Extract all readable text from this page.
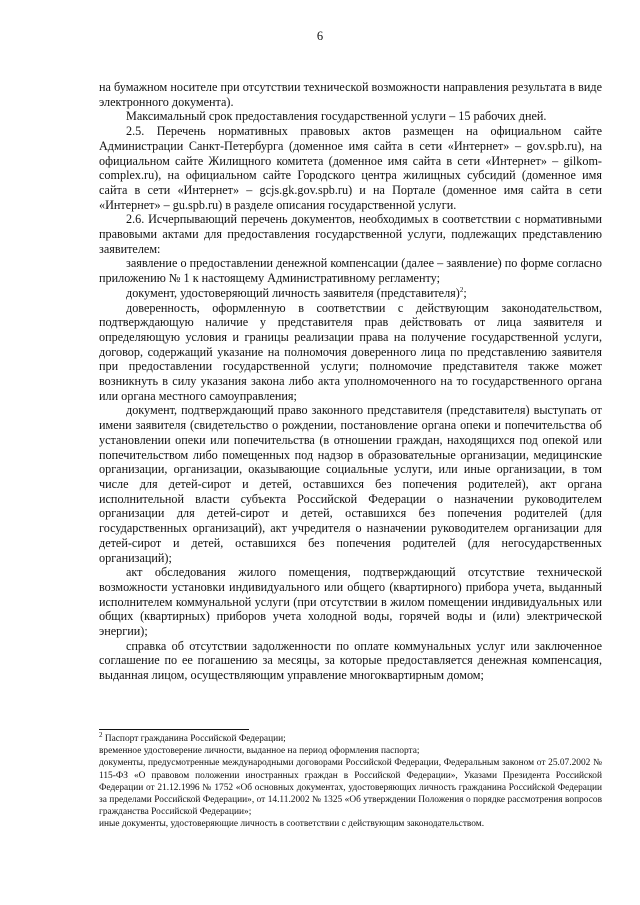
6

на бумажном носителе при отсутствии технической возможности направления результата в виде электронного документа).

Максимальный срок предоставления государственной услуги – 15 рабочих дней.

2.5. Перечень нормативных правовых актов размещен на официальном сайте Администрации Санкт-Петербурга (доменное имя сайта в сети «Интернет» – gov.spb.ru), на официальном сайте Жилищного комитета (доменное имя сайта в сети «Интернет» – gilkom-complex.ru), на официальном сайте Городского центра жилищных субсидий (доменное имя сайта в сети «Интернет» – gcjs.gk.gov.spb.ru) и на Портале (доменное имя сайта в сети «Интернет» – gu.spb.ru) в разделе описания государственной услуги.

2.6. Исчерпывающий перечень документов, необходимых в соответствии с нормативными правовыми актами для предоставления государственной услуги, подлежащих представлению заявителем:

заявление о предоставлении денежной компенсации (далее – заявление) по форме согласно приложению № 1 к настоящему Административному регламенту;

документ, удостоверяющий личность заявителя (представителя)$^2$;

доверенность, оформленную в соответствии с действующим законодательством, подтверждающую наличие у представителя прав действовать от лица заявителя и определяющую условия и границы реализации права на получение государственной услуги, договор, содержащий указание на полномочия доверенного лица по представлению заявителя при предоставлении государственной услуги; полномочие представителя также может возникнуть в силу указания закона либо акта уполномоченного на то государственного органа или органа местного самоуправления;

документ, подтверждающий право законного представителя (представителя) выступать от имени заявителя (свидетельство о рождении, постановление органа опеки и попечительства об установлении опеки или попечительства (в отношении граждан, находящихся под опекой или попечительством либо помещенных под надзор в образовательные организации, медицинские организации, организации, оказывающие социальные услуги, или иные организации, в том числе для детей-сирот и детей, оставшихся без попечения родителей), акт органа исполнительной власти субъекта Российской Федерации о назначении руководителем организации для детей-сирот и детей, оставшихся без попечения родителей (для государственных организаций), акт учредителя о назначении руководителем организации для детей-сирот и детей, оставшихся без попечения родителей (для негосударственных организаций);

акт обследования жилого помещения, подтверждающий отсутствие технической возможности установки индивидуального или общего (квартирного) прибора учета, выданный исполнителем коммунальной услуги (при отсутствии в жилом помещении индивидуальных или общих (квартирных) приборов учета холодной воды, горячей воды и (или) электрической энергии);

справка об отсутствии задолженности по оплате коммунальных услуг или заключенное соглашение по ее погашению за месяцы, за которые предоставляется денежная компенсация, выданная лицом, осуществляющим управление многоквартирным домом;

$^2$ Паспорт гражданина Российской Федерации;

временное удостоверение личности, выданное на период оформления паспорта;

документы, предусмотренные международными договорами Российской Федерации, Федеральным законом от 25.07.2002 № 115-ФЗ «О правовом положении иностранных граждан в Российской Федерации», Указами Президента Российской Федерации от 21.12.1996 № 1752 «Об основных документах, удостоверяющих личность гражданина Российской Федерации за пределами Российской Федерации», от 14.11.2002 № 1325 «Об утверждении Положения о порядке рассмотрения вопросов гражданства Российской Федерации»;

иные документы, удостоверяющие личность в соответствии с действующим законодательством.
